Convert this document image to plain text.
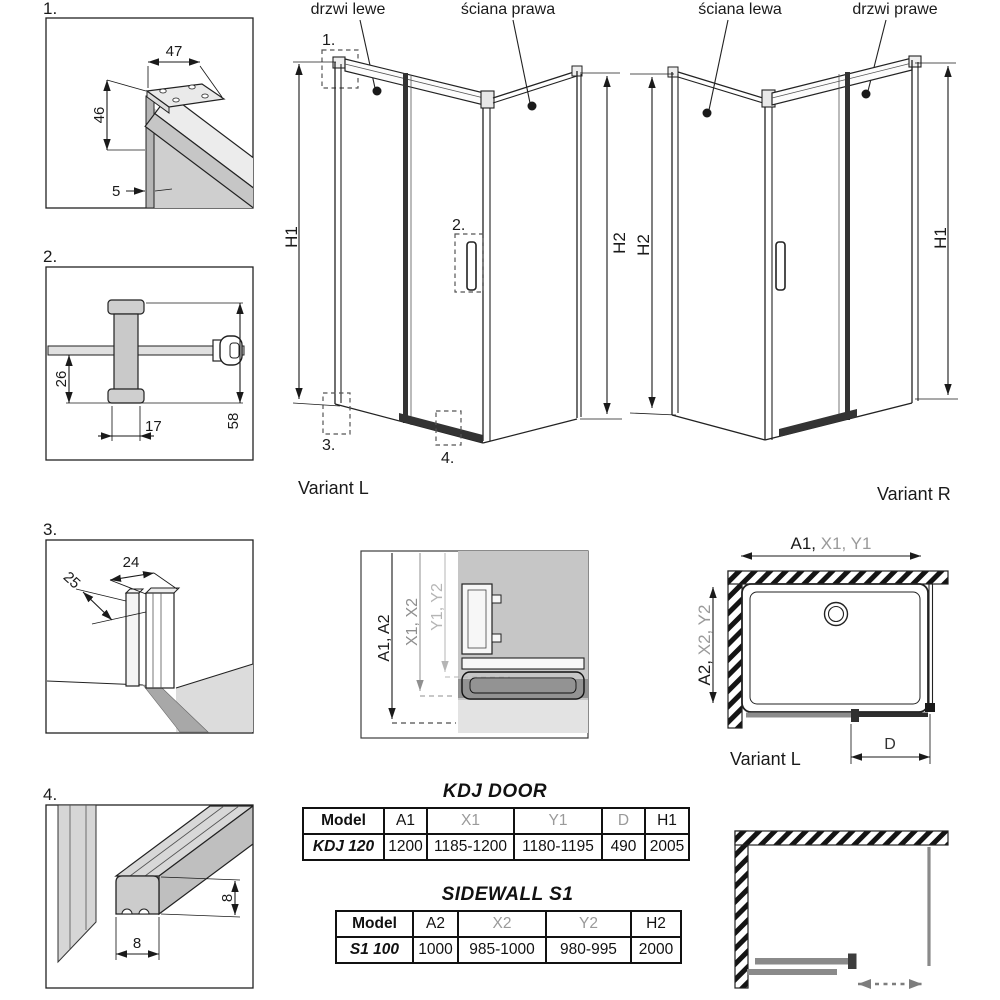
1.
47
46
5
2.
26
17	58
3.
24
25
4.
8
8
drzwi lewe	ściana prawa
1.
2.
3.
4.
H1	H2
Variant L
ściana lewa	drzwi prawe
H2	H1
Variant R
A1, A2 X1, X2 Y1, Y2
A1, X1, Y1
A2, X2, Y2
D
Variant L
KDJ DOOR
Model	A1	X1	Y1	D	H1
KDJ 120	1200	1185-1200	1180-1195	490	2005
SIDEWALL S1
Model	A2	X2	Y2	H2
S1 100	1000	985-1000	980-995	2000
